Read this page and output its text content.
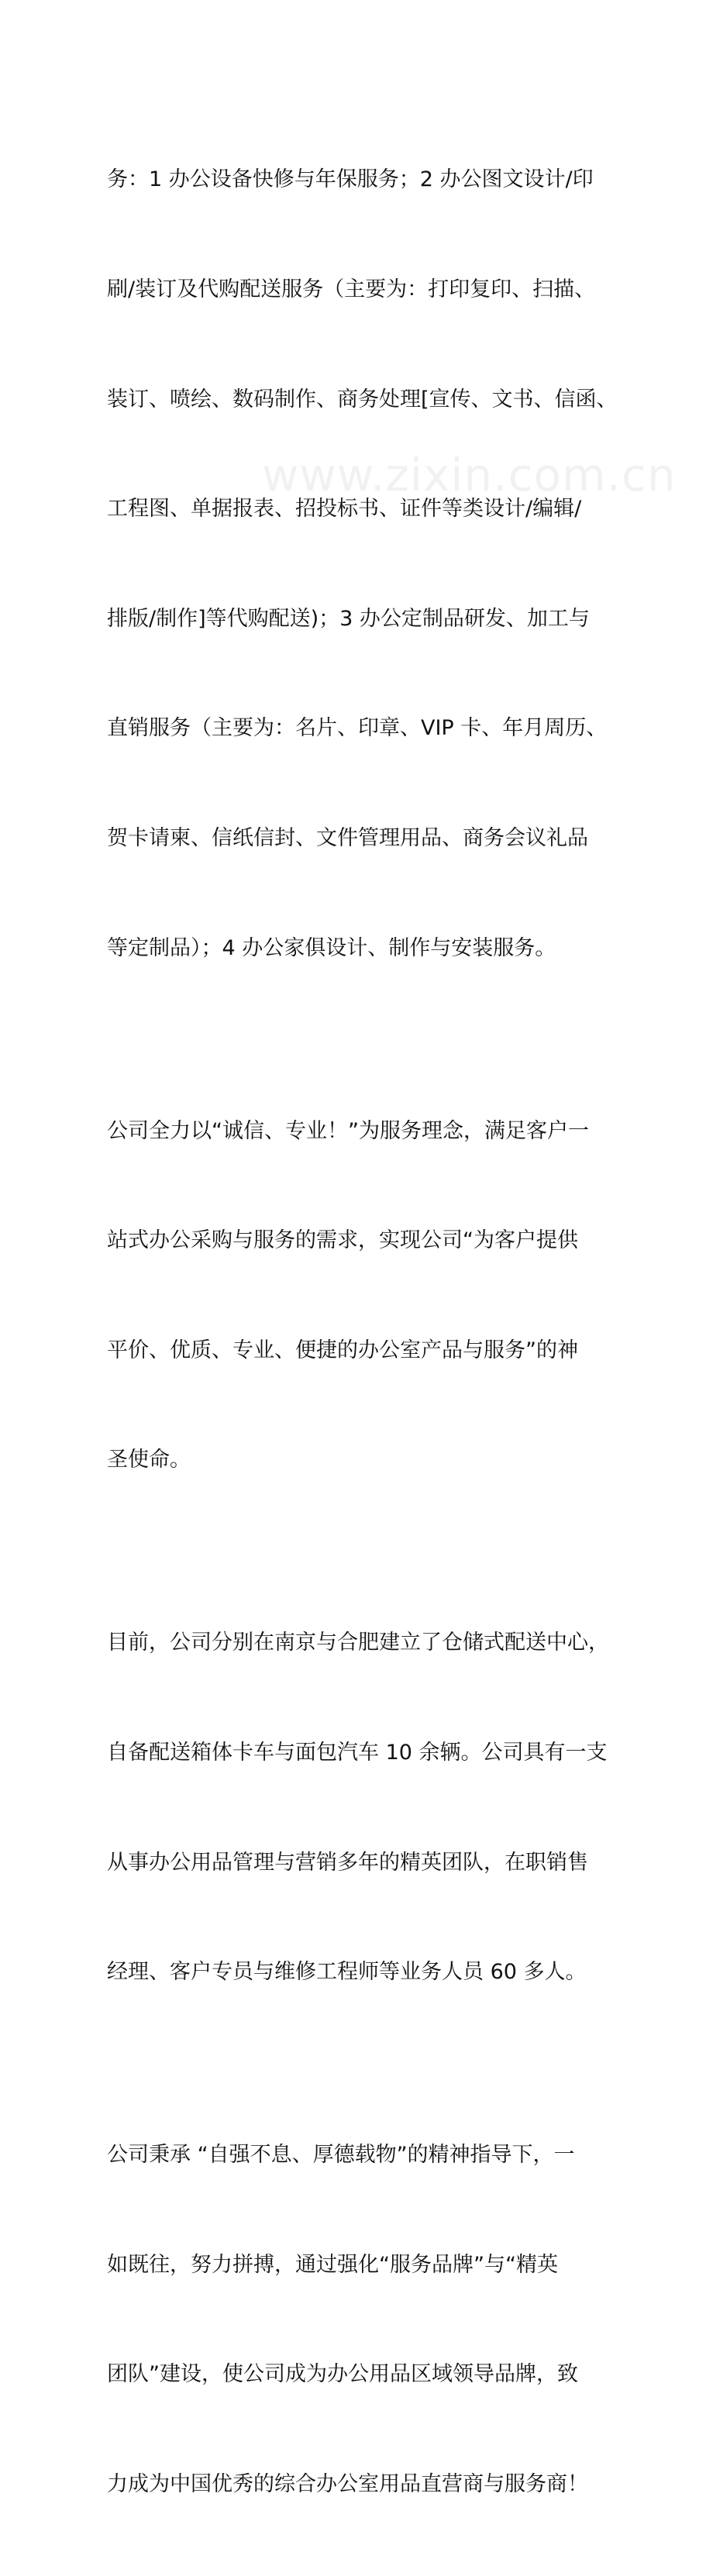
务：1 办公设备快修与年保服务；2 办公图文设计/印

刷/装订及代购配送服务（主要为：打印复印、扫描、

装订、喷绘、数码制作、商务处理[宣传、文书、信函、

工程图、单据报表、招投标书、证件等类设计/编辑/

排版/制作]等代购配送)；3 办公定制品研发、加工与

直销服务（主要为：名片、印章、VIP 卡、年月周历、

贺卡请柬、信纸信封、文件管理用品、商务会议礼品

等定制品）；4 办公家俱设计、制作与安装服务。

公司全力以“诚信、专业！”为服务理念，满足客户一

站式办公采购与服务的需求，实现公司“为客户提供

平价、优质、专业、便捷的办公室产品与服务”的神

圣使命。

目前，公司分别在南京与合肥建立了仓储式配送中心，

自备配送箱体卡车与面包汽车 10 余辆。公司具有一支

从事办公用品管理与营销多年的精英团队，在职销售

经理、客户专员与维修工程师等业务人员 60 多人。

公司秉承 “自强不息、厚德载物”的精神指导下，一

如既往，努力拼搏，通过强化“服务品牌”与“精英

团队”建设，使公司成为办公用品区域领导品牌，致

力成为中国优秀的综合办公室用品直营商与服务商！

www.zixin.com.cn
